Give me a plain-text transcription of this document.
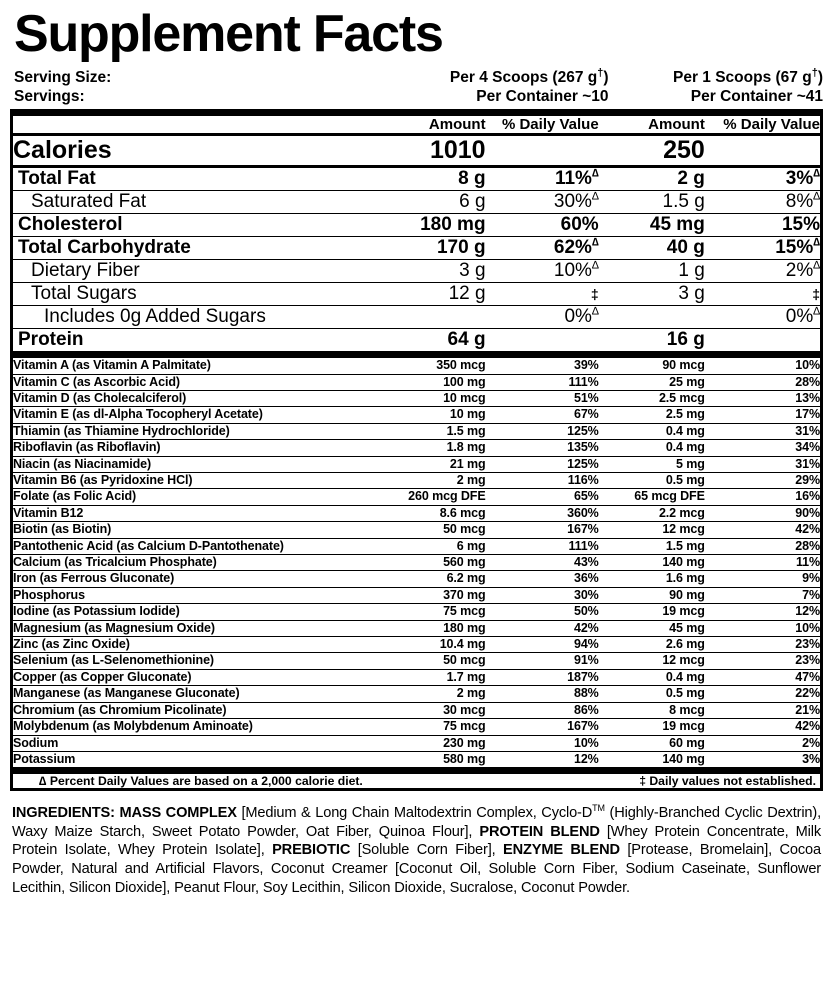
Supplement Facts
Serving Size:	Per 4 Scoops (267 g†)	Per 1 Scoops (67 g†)
Servings:	Per Container ~10	Per Container ~41
	Amount	% Daily Value	Amount	% Daily Value
Calories	1010		250	
Total Fat	8 g	11%∆	2 g	3%∆
Saturated Fat	6 g	30%∆	1.5 g	8%∆
Cholesterol	180 mg	60%	45 mg	15%
Total Carbohydrate	170 g	62%∆	40 g	15%∆
Dietary Fiber	3 g	10%∆	1 g	2%∆
Total Sugars	12 g	‡	3 g	‡
Includes 0g Added Sugars		0%∆		0%∆
Protein	64 g		16 g	
Vitamin A (as Vitamin A Palmitate)	350 mcg	39%	90 mcg	10%
Vitamin C (as Ascorbic Acid)	100 mg	111%	25 mg	28%
Vitamin D (as Cholecalciferol)	10 mcg	51%	2.5 mcg	13%
Vitamin E (as dl-Alpha Tocopheryl Acetate)	10 mg	67%	2.5 mg	17%
Thiamin (as Thiamine Hydrochloride)	1.5 mg	125%	0.4 mg	31%
Riboflavin (as Riboflavin)	1.8 mg	135%	0.4 mg	34%
Niacin (as Niacinamide)	21 mg	125%	5 mg	31%
Vitamin B6 (as Pyridoxine HCl)	2 mg	116%	0.5 mg	29%
Folate (as Folic Acid)	260 mcg DFE	65%	65 mcg DFE	16%
Vitamin B12	8.6 mcg	360%	2.2 mcg	90%
Biotin (as Biotin)	50 mcg	167%	12 mcg	42%
Pantothenic Acid (as Calcium D-Pantothenate)	6 mg	111%	1.5 mg	28%
Calcium (as Tricalcium Phosphate)	560 mg	43%	140 mg	11%
Iron (as Ferrous Gluconate)	6.2 mg	36%	1.6 mg	9%
Phosphorus	370 mg	30%	90 mg	7%
Iodine (as Potassium Iodide)	75 mcg	50%	19 mcg	12%
Magnesium (as Magnesium Oxide)	180 mg	42%	45 mg	10%
Zinc (as Zinc Oxide)	10.4 mg	94%	2.6 mg	23%
Selenium (as L-Selenomethionine)	50 mcg	91%	12 mcg	23%
Copper (as Copper Gluconate)	1.7 mg	187%	0.4 mg	47%
Manganese (as Manganese Gluconate)	2 mg	88%	0.5 mg	22%
Chromium (as Chromium Picolinate)	30 mcg	86%	8 mcg	21%
Molybdenum (as Molybdenum Aminoate)	75 mcg	167%	19 mcg	42%
Sodium	230 mg	10%	60 mg	2%
Potassium	580 mg	12%	140 mg	3%

∆ Percent Daily Values are based on a 2,000 calorie diet. ‡ Daily values not established.				
INGREDIENTS: MASS COMPLEX [Medium & Long Chain Maltodextrin Complex, Cyclo-D™ (Highly-Branched Cyclic Dextrin), Waxy Maize Starch, Sweet Potato Powder, Oat Fiber, Quinoa Flour], PROTEIN BLEND [Whey Protein Concentrate, Milk Protein Isolate, Whey Protein Isolate], PREBIOTIC [Soluble Corn Fiber], ENZYME BLEND [Protease, Bromelain], Cocoa Powder, Natural and Artificial Flavors, Coconut Creamer [Coconut Oil, Soluble Corn Fiber, Sodium Caseinate, Sunflower Lecithin, Silicon Dioxide], Peanut Flour, Soy Lecithin, Silicon Dioxide, Sucralose, Coconut Powder.
